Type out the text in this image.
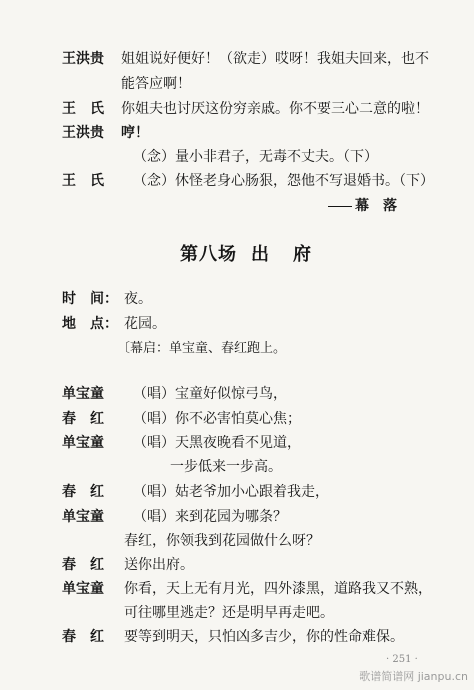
王洪贵 姐姐说好便好！（欲走）哎呀！我姐夫回来，也不
能答应啊！
王　氏 你姐夫也讨厌这份穷亲戚。你不要三心二意的啦！
王洪贵 哼！
（念）量小非君子，无毒不丈夫。（下）
王　氏 （念）休怪老身心肠狠，怨他不写退婚书。（下）
幕　落
第八场 出 府
时　间： 夜。
地　点： 花园。
〔幕启：单宝童、春红跑上。
单宝童 （唱）宝童好似惊弓鸟，
春　红 （唱）你不必害怕莫心焦；
单宝童 （唱）天黑夜晚看不见道，
一步低来一步高。
春　红 （唱）姑老爷加小心跟着我走，
单宝童 （唱）来到花园为哪条？
春红，你领我到花园做什么呀？
春　红 送你出府。
单宝童 你看，天上无有月光，四外漆黑，道路我又不熟，
可往哪里逃走？还是明早再走吧。
春　红 要等到明天，只怕凶多吉少，你的性命难保。
· 251 ·
歌谱简谱网 jianpu.cn
